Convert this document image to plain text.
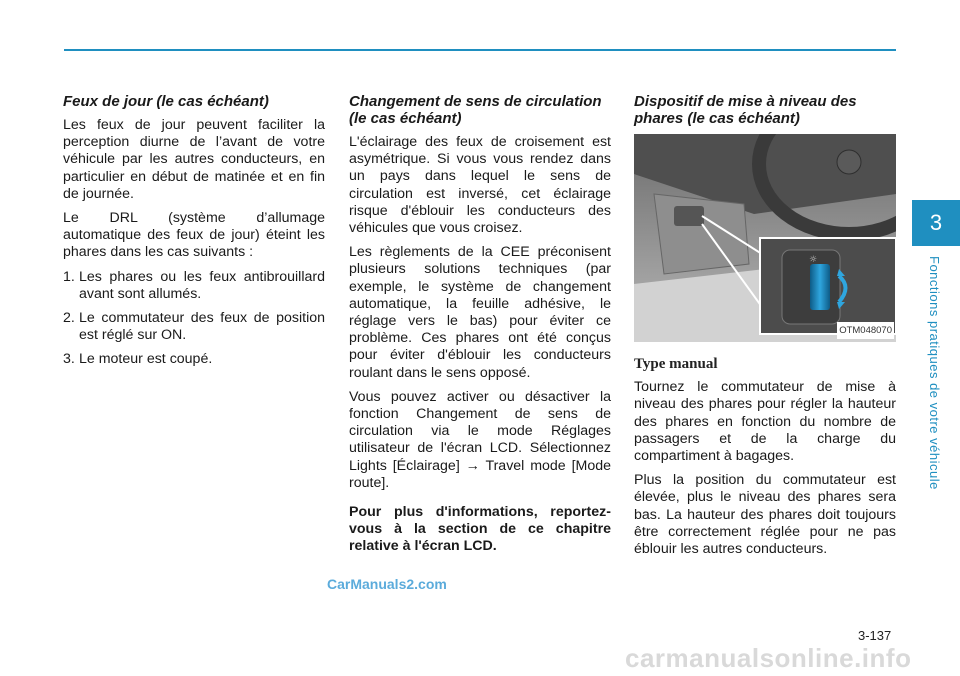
Feux de jour (le cas échéant)

Les feux de jour peuvent faciliter la perception diurne de l’avant de votre véhicule par les autres conducteurs, en particulier en début de matinée et en fin de journée.

Le DRL (système d’allumage automatique des feux de jour) éteint les phares dans les cas suivants :

1. Les phares ou les feux antibrouillard avant sont allumés.
2. Le commutateur des feux de position est réglé sur ON.
3. Le moteur est coupé.
Changement de sens de circulation (le cas échéant)

L'éclairage des feux de croisement est asymétrique. Si vous vous rendez dans un pays dans lequel le sens de circulation est inversé, cet éclairage risque d'éblouir les conducteurs des véhicules que vous croisez.

Les règlements de la CEE préconisent plusieurs solutions techniques (par exemple, le système de changement automatique, la feuille adhésive, le réglage vers le bas) pour éviter ce problème. Ces phares ont été conçus pour éviter d'éblouir les conducteurs roulant dans le sens opposé.

Vous pouvez activer ou désactiver la fonction Changement de sens de circulation via le mode Réglages utilisateur de l'écran LCD. Sélectionnez Lights [Éclairage] → Travel mode [Mode route].

Pour plus d'informations, reportez-vous à la section de ce chapitre relative à l'écran LCD.

Dispositif de mise à niveau des phares (le cas échéant)
☼
OTM048070
Type manual

Tournez le commutateur de mise à niveau des phares pour régler la hauteur des phares en fonction du nombre de passagers et de la charge du compartiment à bagages.

Plus la position du commutateur est élevée, plus le niveau des phares sera bas. La hauteur des phares doit toujours être correctement réglée pour ne pas éblouir les autres conducteurs.

3
Fonctions pratiques de votre véhicule
3-137
CarManuals2.com
carmanualsonline.info
